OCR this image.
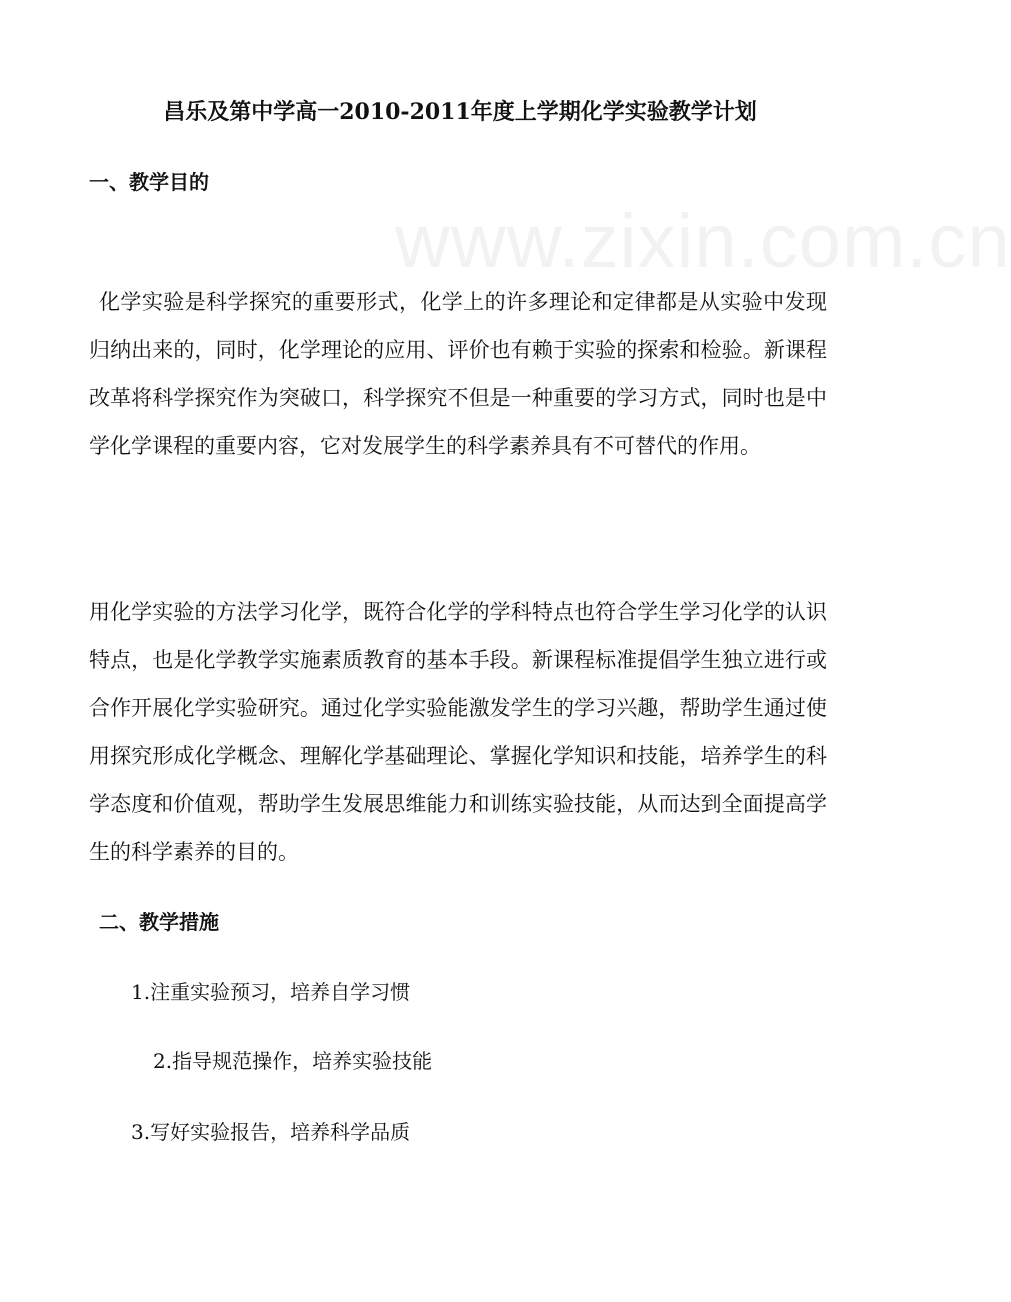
www.zixin.com.cn
昌乐及第中学高一2010-2011年度上学期化学实验教学计划
一、教学目的
化学实验是科学探究的重要形式，化学上的许多理论和定律都是从实验中发现归纳出来的，同时，化学理论的应用、评价也有赖于实验的探索和检验。新课程改革将科学探究作为突破口，科学探究不但是一种重要的学习方式，同时也是中学化学课程的重要内容，它对发展学生的科学素养具有不可替代的作用。
用化学实验的方法学习化学，既符合化学的学科特点也符合学生学习化学的认识特点，也是化学教学实施素质教育的基本手段。新课程标准提倡学生独立进行或合作开展化学实验研究。通过化学实验能激发学生的学习兴趣，帮助学生通过使用探究形成化学概念、理解化学基础理论、掌握化学知识和技能，培养学生的科学态度和价值观，帮助学生发展思维能力和训练实验技能，从而达到全面提高学生的科学素养的目的。
二、教学措施
1.注重实验预习，培养自学习惯
2.指导规范操作，培养实验技能
3.写好实验报告，培养科学品质
